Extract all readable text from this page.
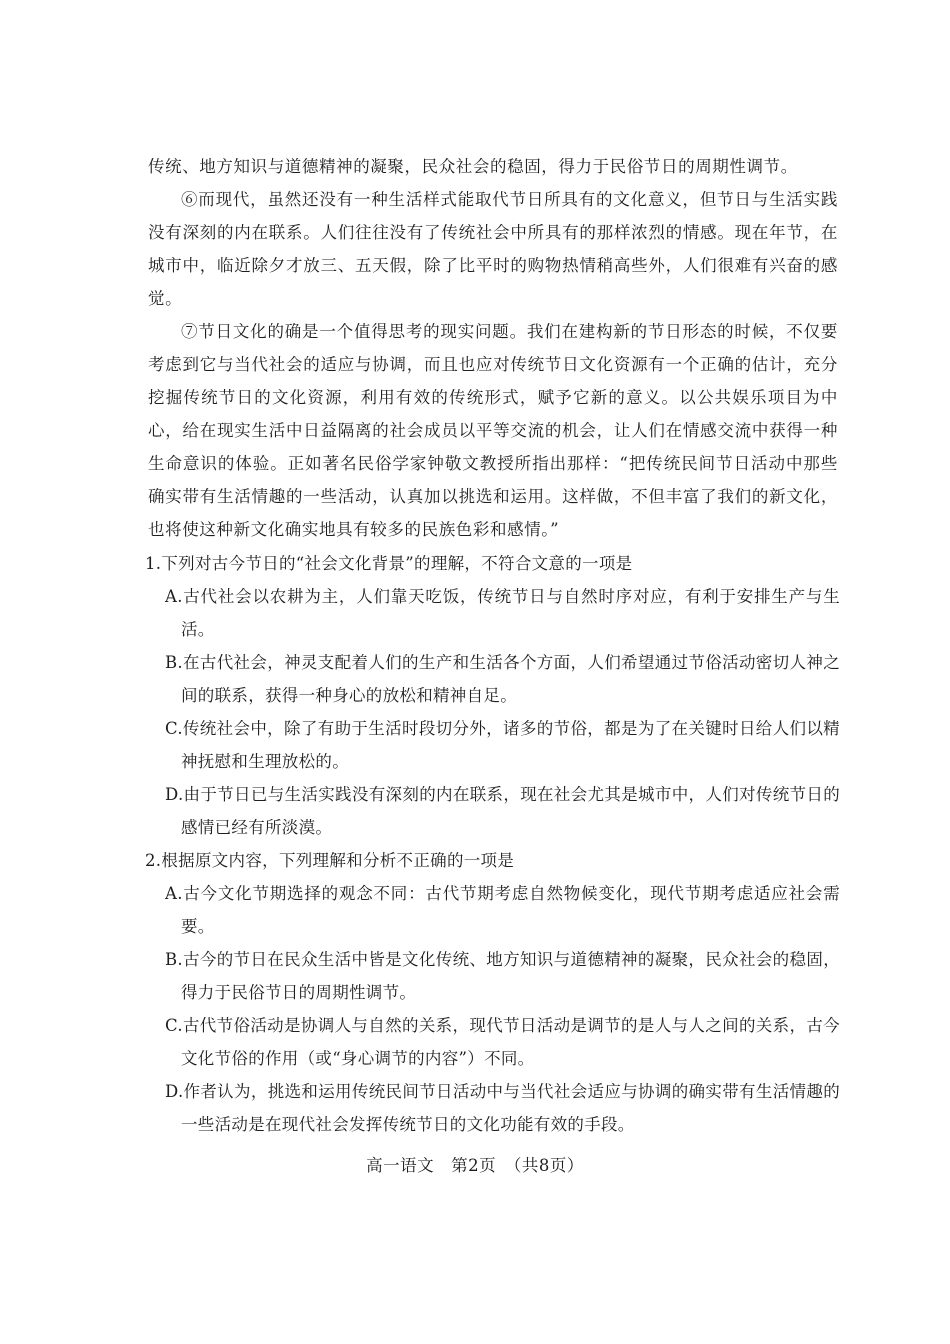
传统、地方知识与道德精神的凝聚，民众社会的稳固，得力于民俗节日的周期性调节。

⑥而现代，虽然还没有一种生活样式能取代节日所具有的文化意义，但节日与生活实践没有深刻的内在联系。人们往往没有了传统社会中所具有的那样浓烈的情感。现在年节，在城市中，临近除夕才放三、五天假，除了比平时的购物热情稍高些外，人们很难有兴奋的感觉。

⑦节日文化的确是一个值得思考的现实问题。我们在建构新的节日形态的时候，不仅要考虑到它与当代社会的适应与协调，而且也应对传统节日文化资源有一个正确的估计，充分挖掘传统节日的文化资源，利用有效的传统形式，赋予它新的意义。以公共娱乐项目为中心，给在现实生活中日益隔离的社会成员以平等交流的机会，让人们在情感交流中获得一种生命意识的体验。正如著名民俗学家钟敬文教授所指出那样：“把传统民间节日活动中那些确实带有生活情趣的一些活动，认真加以挑选和运用。这样做，不但丰富了我们的新文化，也将使这种新文化确实地具有较多的民族色彩和感情。”

1.下列对古今节日的“社会文化背景”的理解，不符合文意的一项是

A.古代社会以农耕为主，人们靠天吃饭，传统节日与自然时序对应，有利于安排生产与生活。

B.在古代社会，神灵支配着人们的生产和生活各个方面，人们希望通过节俗活动密切人神之间的联系，获得一种身心的放松和精神自足。

C.传统社会中，除了有助于生活时段切分外，诸多的节俗，都是为了在关键时日给人们以精神抚慰和生理放松的。

D.由于节日已与生活实践没有深刻的内在联系，现在社会尤其是城市中，人们对传统节日的感情已经有所淡漠。

2.根据原文内容，下列理解和分析不正确的一项是

A.古今文化节期选择的观念不同：古代节期考虑自然物候变化，现代节期考虑适应社会需要。

B.古今的节日在民众生活中皆是文化传统、地方知识与道德精神的凝聚，民众社会的稳固，得力于民俗节日的周期性调节。

C.古代节俗活动是协调人与自然的关系，现代节日活动是调节的是人与人之间的关系，古今文化节俗的作用（或“身心调节的内容”）不同。

D.作者认为，挑选和运用传统民间节日活动中与当代社会适应与协调的确实带有生活情趣的一些活动是在现代社会发挥传统节日的文化功能有效的手段。

高一语文　第2页　（共8页）
